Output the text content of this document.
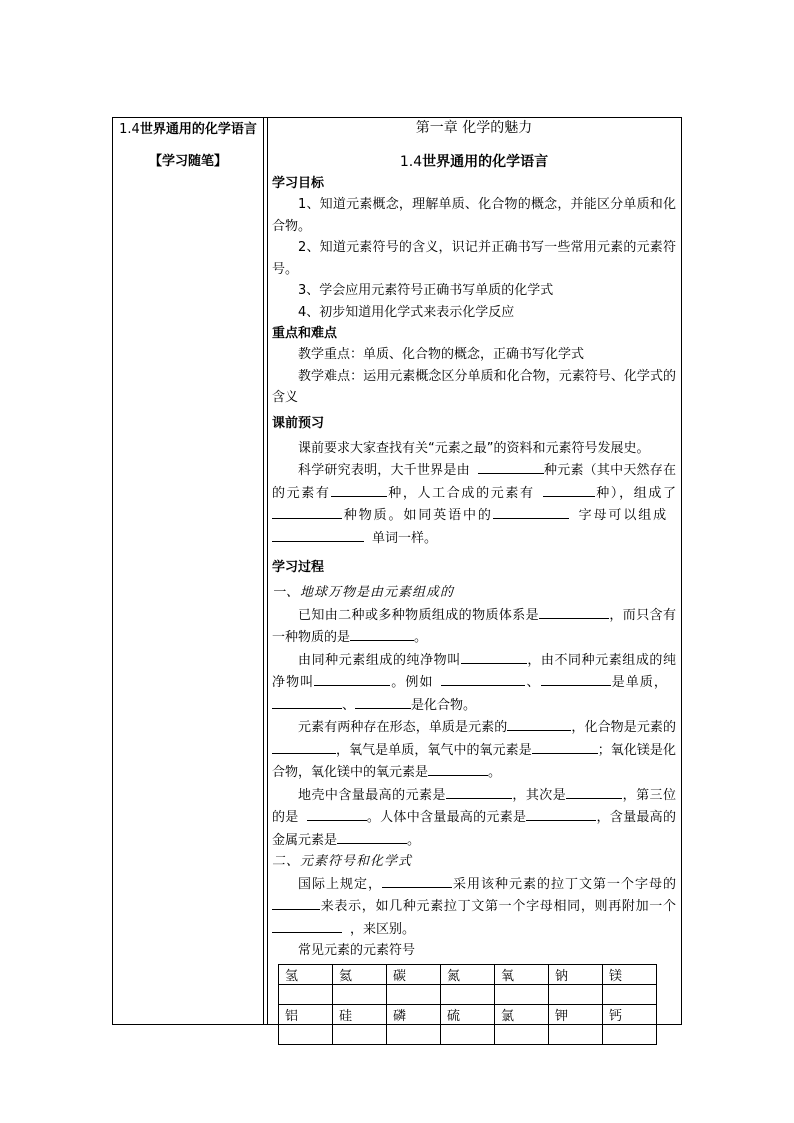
1.4世界通用的化学语言
【学习随笔】
第一章 化学的魅力
1.4世界通用的化学语言
学习目标
1、知道元素概念，理解单质、化合物的概念，并能区分单质和化合物。
2、知道元素符号的含义，识记并正确书写一些常用元素的元素符号。
3、学会应用元素符号正确书写单质的化学式
4、初步知道用化学式来表示化学反应
重点和难点
教学重点：单质、化合物的概念，正确书写化学式
教学难点：运用元素概念区分单质和化合物，元素符号、化学式的含义
课前预习
课前要求大家查找有关“元素之最”的资料和元素符号发展史。
科学研究表明，大千世界是由	种元素（其中天然存在的元素有	种，人工合成的元素有	种），组成了种物质。如同英语中的	字母可以组成单词一样。
学习过程
一、地球万物是由元素组成的
已知由二种或多种物质组成的物质体系是	，而只含有一种物质的是	。
由同种元素组成的纯净物叫	，由不同种元素组成的纯净物叫	。例如	、	是单质，、	是化合物。
元素有两种存在形态，单质是元素的	，化合物是元素的，氧气是单质，氧气中的氧元素是	；氧化镁是化合物，氧化镁中的氧元素是	。
地壳中含量最高的元素是	，其次是	，第三位的是	。人体中含量最高的元素是	，含量最高的金属元素是	。
二、元素符号和化学式
国际上规定，	采用该种元素的拉丁文第一个字母的来表示，如几种元素拉丁文第一个字母相同，则再附加一个，来区别。
常见元素的元素符号
氢	氦	碳	氮	氧	钠	镁

铝	硅	磷	硫	氯	钾	钙
